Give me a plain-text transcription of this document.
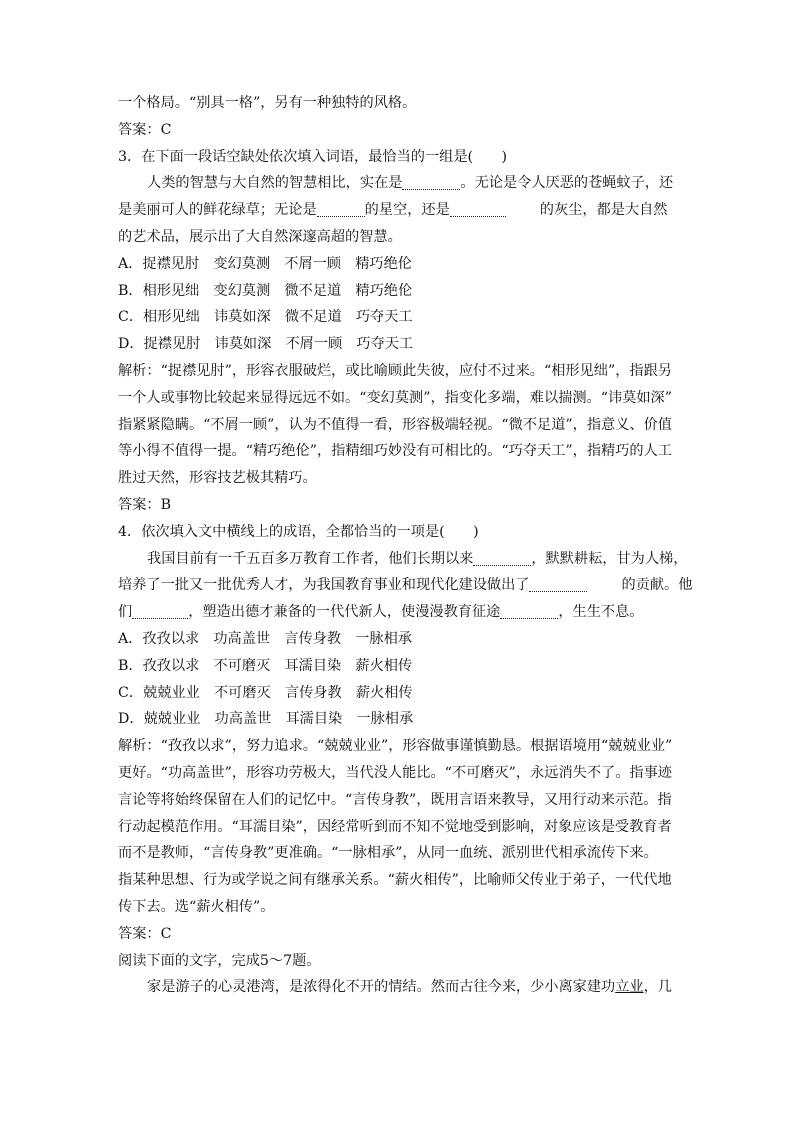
一个格局。“别具一格”，另有一种独特的风格。
答案：C
3．在下面一段话空缺处依次填入词语，最恰当的一组是(　　)
人类的智慧与大自然的智慧相比，实在是	。无论是令人厌恶的苍蝇蚊子，还
是美丽可人的鲜花绿草；无论是	的星空，还是	的灰尘，都是大自然
的艺术品，展示出了大自然深邃高超的智慧。
A．捉襟见肘　变幻莫测　不屑一顾　精巧绝伦
B．相形见绌　变幻莫测　微不足道　精巧绝伦
C．相形见绌　讳莫如深　微不足道　巧夺天工
D．捉襟见肘　讳莫如深　不屑一顾　巧夺天工
解析：“捉襟见肘”，形容衣服破烂，或比喻顾此失彼，应付不过来。“相形见绌”，指跟另
一个人或事物比较起来显得远远不如。“变幻莫测”，指变化多端，难以揣测。“讳莫如深”
指紧紧隐瞒。“不屑一顾”，认为不值得一看，形容极端轻视。“微不足道”，指意义、价值
等小得不值得一提。“精巧绝伦”，指精细巧妙没有可相比的。“巧夺天工”，指精巧的人工
胜过天然，形容技艺极其精巧。
答案：B
4．依次填入文中横线上的成语，全都恰当的一项是(　　)
我国目前有一千五百多万教育工作者，他们长期以来	，默默耕耘，甘为人梯，
培养了一批又一批优秀人才，为我国教育事业和现代化建设做出了	的贡献。他
们	，塑造出德才兼备的一代代新人，使漫漫教育征途	，生生不息。
A．孜孜以求　功高盖世　言传身教　一脉相承
B．孜孜以求　不可磨灭　耳濡目染　薪火相传
C．兢兢业业　不可磨灭　言传身教　薪火相传
D．兢兢业业　功高盖世　耳濡目染　一脉相承
解析：“孜孜以求”，努力追求。“兢兢业业”，形容做事谨慎勤恳。根据语境用“兢兢业业”
更好。“功高盖世”，形容功劳极大，当代没人能比。“不可磨灭”，永远消失不了。指事迹
言论等将始终保留在人们的记忆中。“言传身教”，既用言语来教导，又用行动来示范。指
行动起模范作用。“耳濡目染”，因经常听到而不知不觉地受到影响，对象应该是受教育者
而不是教师，“言传身教”更准确。“一脉相承”，从同一血统、派别世代相承流传下来。
指某种思想、行为或学说之间有继承关系。“薪火相传”，比喻师父传业于弟子，一代代地
传下去。选“薪火相传”。
答案：C
阅读下面的文字，完成5～7题。
家是游子的心灵港湾，是浓得化不开的情结。然而古往今来，少小离家建功立业，几
